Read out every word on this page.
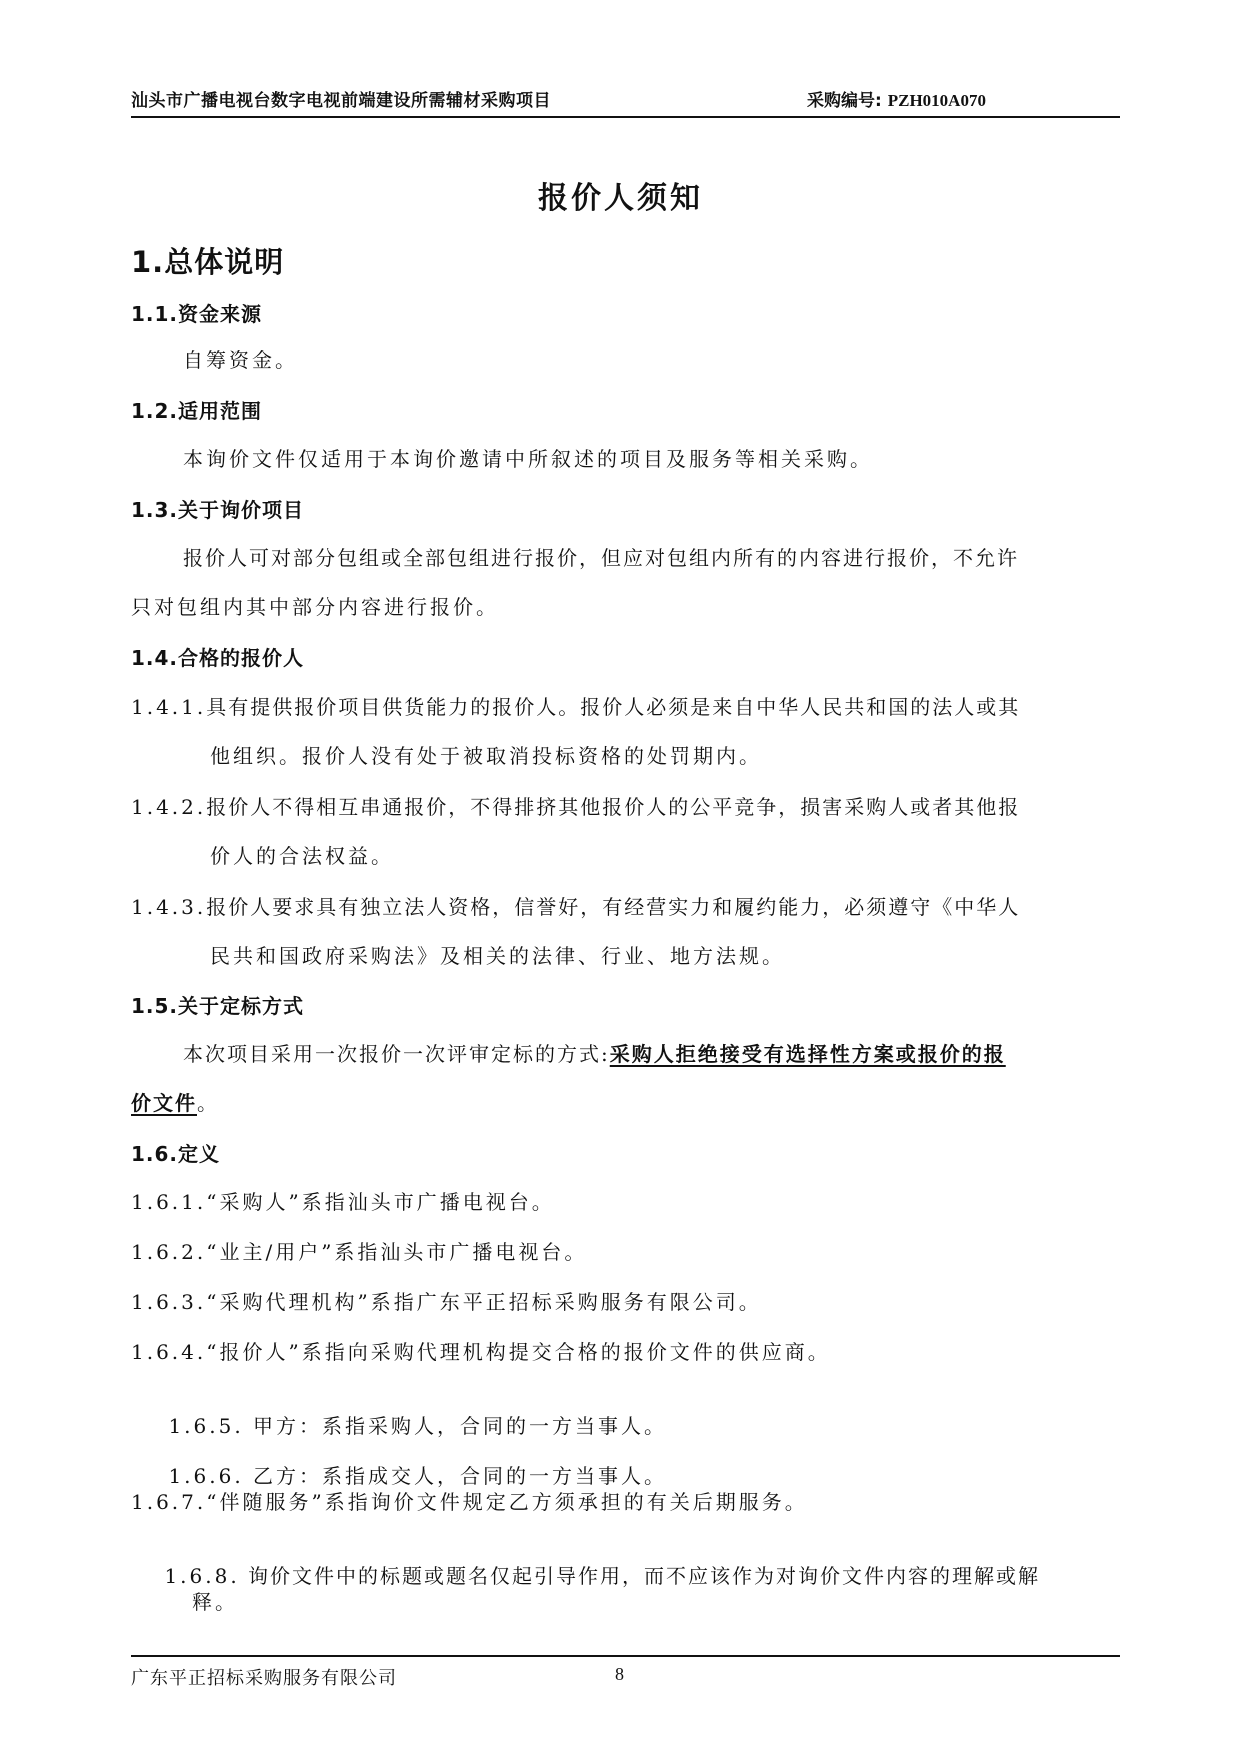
汕头市广播电视台数字电视前端建设所需辅材采购项目	采购编号: PZH010A070
报价人须知
1.总体说明
1.1.资金来源
自筹资金。
1.2.适用范围
本询价文件仅适用于本询价邀请中所叙述的项目及服务等相关采购。
1.3.关于询价项目
报价人可对部分包组或全部包组进行报价，但应对包组内所有的内容进行报价，不允许
只对包组内其中部分内容进行报价。
1.4.合格的报价人
1.4.1.具有提供报价项目供货能力的报价人。报价人必须是来自中华人民共和国的法人或其
他组织。报价人没有处于被取消投标资格的处罚期内。
1.4.2.报价人不得相互串通报价，不得排挤其他报价人的公平竞争，损害采购人或者其他报
价人的合法权益。
1.4.3.报价人要求具有独立法人资格，信誉好，有经营实力和履约能力，必须遵守《中华人
民共和国政府采购法》及相关的法律、行业、地方法规。
1.5.关于定标方式
本次项目采用一次报价一次评审定标的方式:采购人拒绝接受有选择性方案或报价的报
价文件。
1.6.定义
1.6.1.“采购人”系指汕头市广播电视台。
1.6.2.“业主/用户”系指汕头市广播电视台。
1.6.3.“采购代理机构”系指广东平正招标采购服务有限公司。
1.6.4.“报价人”系指向采购代理机构提交合格的报价文件的供应商。

1.6.5. 甲方：系指采购人，合同的一方当事人。

1.6.6. 乙方：系指成交人，合同的一方当事人。

1.6.7.“伴随服务”系指询价文件规定乙方须承担的有关后期服务。

1.6.8. 询价文件中的标题或题名仅起引导作用，而不应该作为对询价文件内容的理解或解

释。
广东平正招标采购服务有限公司	8
